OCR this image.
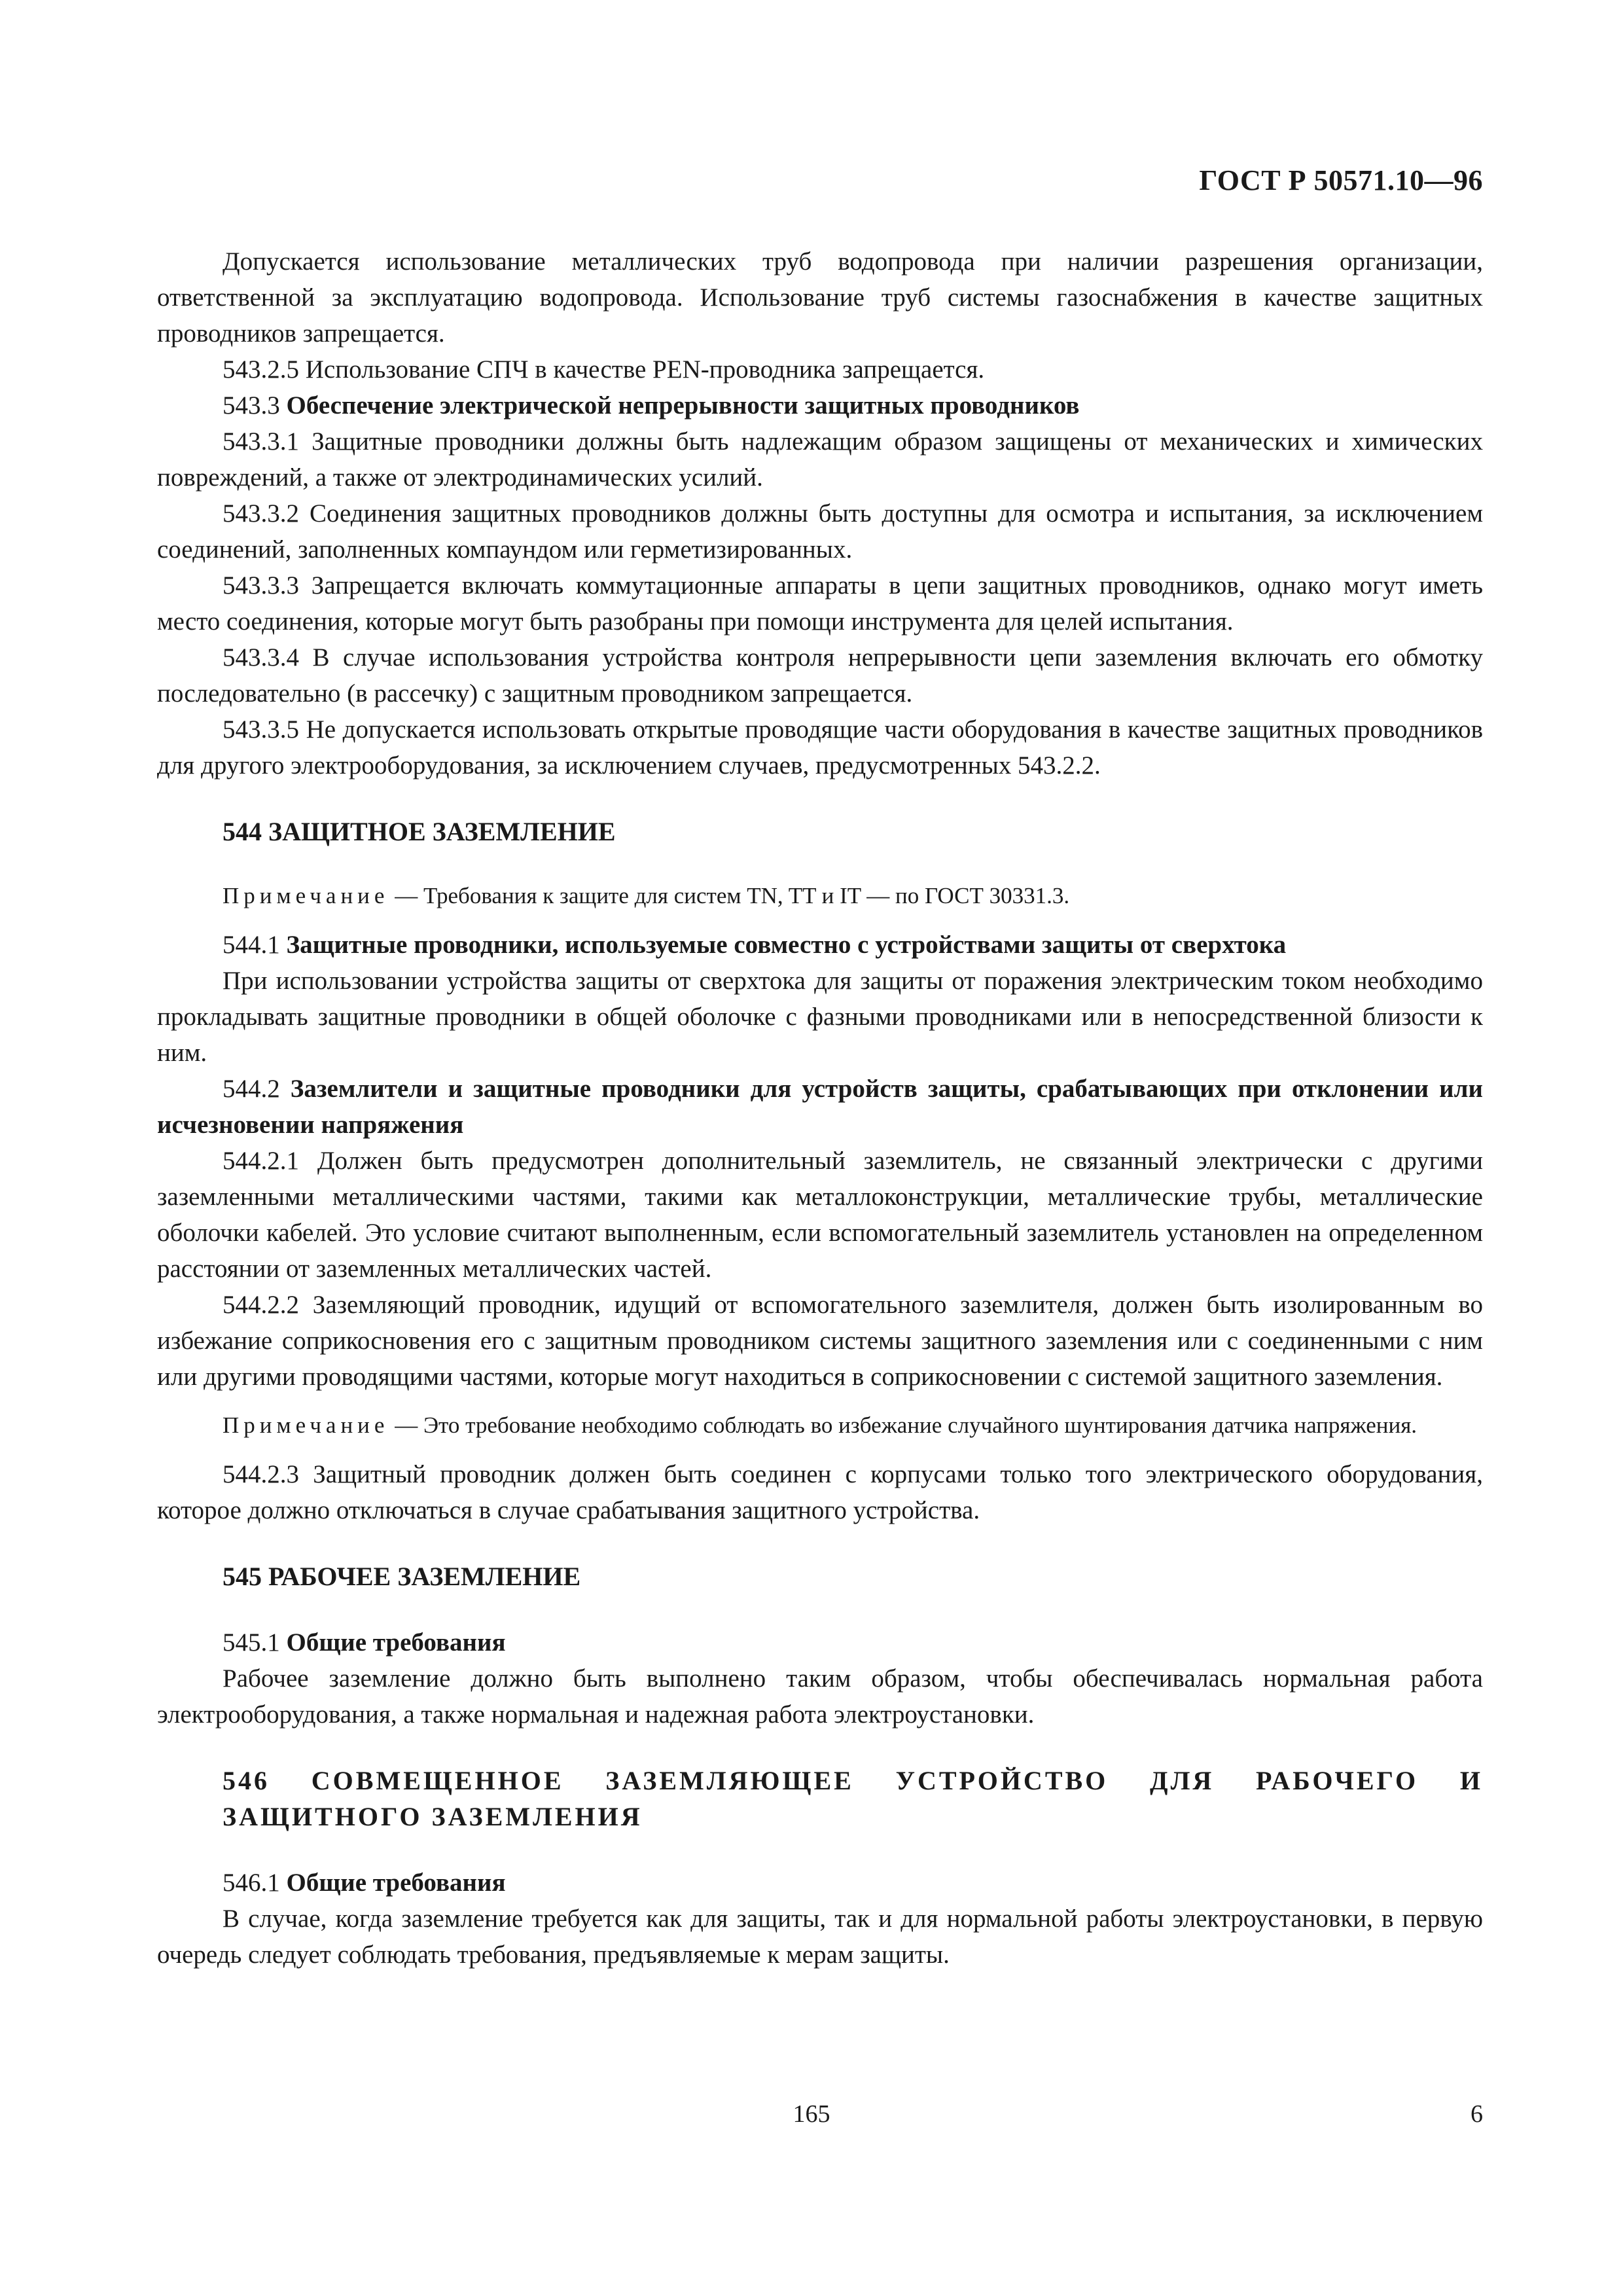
ГОСТ Р 50571.10—96

Допускается использование металлических труб водопровода при наличии разрешения организации, ответственной за эксплуатацию водопровода. Использование труб системы газоснабжения в качестве защитных проводников запрещается.

543.2.5 Использование СПЧ в качестве PEN-проводника запрещается.

543.3 Обеспечение электрической непрерывности защитных проводников

543.3.1 Защитные проводники должны быть надлежащим образом защищены от механических и химических повреждений, а также от электродинамических усилий.

543.3.2 Соединения защитных проводников должны быть доступны для осмотра и испытания, за исключением соединений, заполненных компаундом или герметизированных.

543.3.3 Запрещается включать коммутационные аппараты в цепи защитных проводников, однако могут иметь место соединения, которые могут быть разобраны при помощи инструмента для целей испытания.

543.3.4 В случае использования устройства контроля непрерывности цепи заземления включать его обмотку последовательно (в рассечку) с защитным проводником запрещается.

543.3.5 Не допускается использовать открытые проводящие части оборудования в качестве защитных проводников для другого электрооборудования, за исключением случаев, предусмотренных 543.2.2.

544 ЗАЩИТНОЕ ЗАЗЕМЛЕНИЕ

Примечание — Требования к защите для систем TN, TT и IT — по ГОСТ 30331.3.

544.1 Защитные проводники, используемые совместно с устройствами защиты от сверхтока

При использовании устройства защиты от сверхтока для защиты от поражения электрическим током необходимо прокладывать защитные проводники в общей оболочке с фазными проводниками или в непосредственной близости к ним.

544.2 Заземлители и защитные проводники для устройств защиты, срабатывающих при отклонении или исчезновении напряжения

544.2.1 Должен быть предусмотрен дополнительный заземлитель, не связанный электрически с другими заземленными металлическими частями, такими как металлоконструкции, металлические трубы, металлические оболочки кабелей. Это условие считают выполненным, если вспомогательный заземлитель установлен на определенном расстоянии от заземленных металлических частей.

544.2.2 Заземляющий проводник, идущий от вспомогательного заземлителя, должен быть изолированным во избежание соприкосновения его с защитным проводником системы защитного заземления или с соединенными с ним или другими проводящими частями, которые могут находиться в соприкосновении с системой защитного заземления.

Примечание — Это требование необходимо соблюдать во избежание случайного шунтирования датчика напряжения.

544.2.3 Защитный проводник должен быть соединен с корпусами только того электрического оборудования, которое должно отключаться в случае срабатывания защитного устройства.

545 РАБОЧЕЕ ЗАЗЕМЛЕНИЕ

545.1 Общие требования

Рабочее заземление должно быть выполнено таким образом, чтобы обеспечивалась нормальная работа электрооборудования, а также нормальная и надежная работа электроустановки.

546 СОВМЕЩЕННОЕ ЗАЗЕМЛЯЮЩЕЕ УСТРОЙСТВО ДЛЯ РАБОЧЕГО И ЗАЩИТНОГО ЗАЗЕМЛЕНИЯ

546.1 Общие требования

В случае, когда заземление требуется как для защиты, так и для нормальной работы электроустановки, в первую очередь следует соблюдать требования, предъявляемые к мерам защиты.

165	6
